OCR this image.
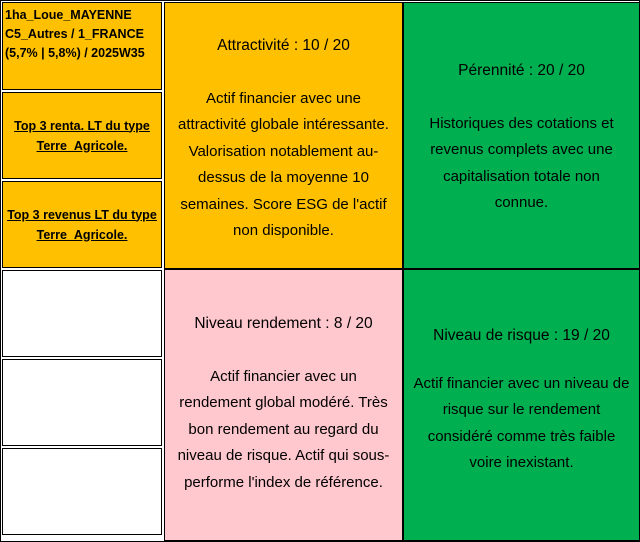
1ha_Loue_MAYENNE
C5_Autres / 1_FRANCE
(5,7% | 5,8%) / 2025W35
Top 3 renta. LT du type
Terre_Agricole.
Top 3 revenus LT du type
Terre_Agricole.
Attractivité : 10 / 20
Actif financier avec une
attractivité globale intéressante.
Valorisation notablement au-
dessus de la moyenne 10
semaines. Score ESG de l'actif
non disponible.
Pérennité : 20 / 20
Historiques des cotations et
revenus complets avec une
capitalisation totale non
connue.
Niveau rendement : 8 / 20
Actif financier avec un
rendement global modéré. Très
bon rendement au regard du
niveau de risque. Actif qui sous-
performe l'index de référence.
Niveau de risque : 19 / 20
Actif financier avec un niveau de
risque sur le rendement
considéré comme très faible
voire inexistant.
